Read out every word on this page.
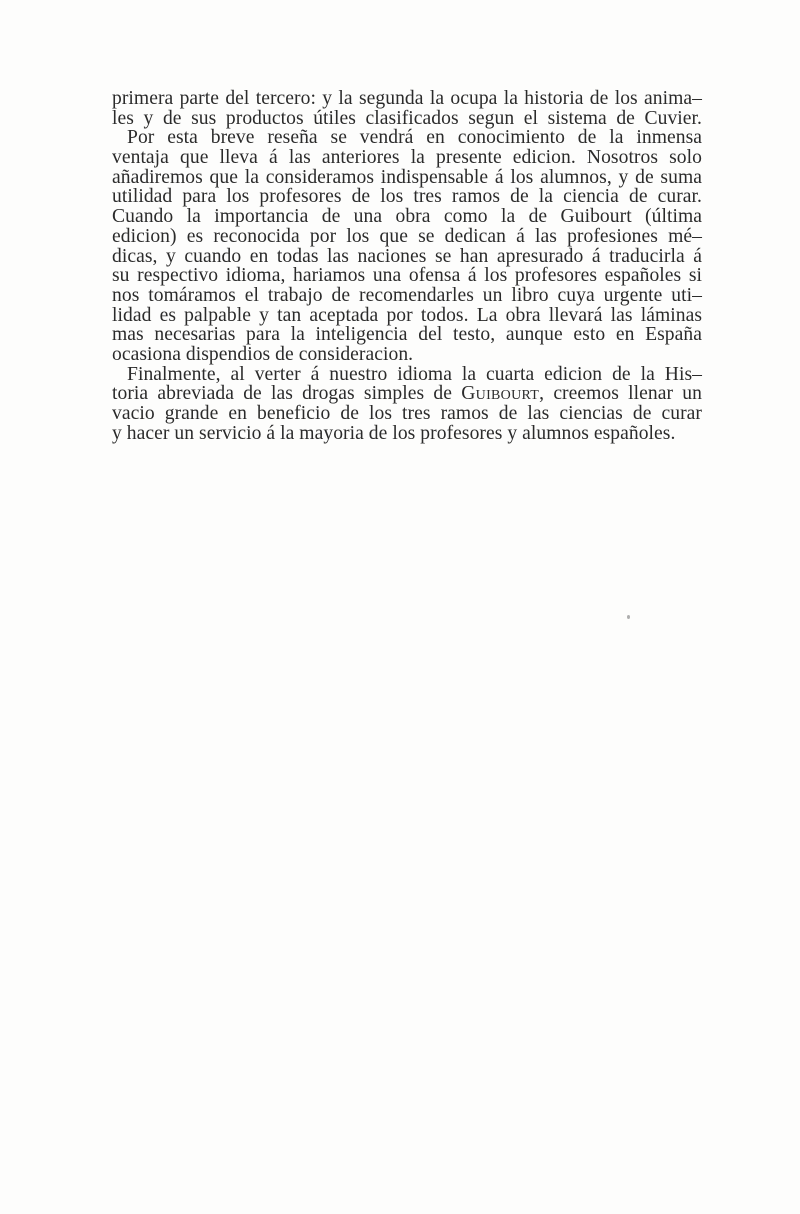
primera parte del tercero: y la segunda la ocupa la historia de los anima–
les y de sus productos útiles clasificados segun el sistema de Cuvier.
Por esta breve reseña se vendrá en conocimiento de la inmensa
ventaja que lleva á las anteriores la presente edicion. Nosotros solo
añadiremos que la consideramos indispensable á los alumnos, y de suma
utilidad para los profesores de los tres ramos de la ciencia de curar.
Cuando la importancia de una obra como la de Guibourt (última
edicion) es reconocida por los que se dedican á las profesiones mé–
dicas, y cuando en todas las naciones se han apresurado á traducirla á
su respectivo idioma, hariamos una ofensa á los profesores españoles si
nos tomáramos el trabajo de recomendarles un libro cuya urgente uti–
lidad es palpable y tan aceptada por todos. La obra llevará las láminas
mas necesarias para la inteligencia del testo, aunque esto en España
ocasiona dispendios de consideracion.
Finalmente, al verter á nuestro idioma la cuarta edicion de la His–
toria abreviada de las drogas simples de Guibourt, creemos llenar un
vacio grande en beneficio de los tres ramos de las ciencias de curar
y hacer un servicio á la mayoria de los profesores y alumnos españoles.
